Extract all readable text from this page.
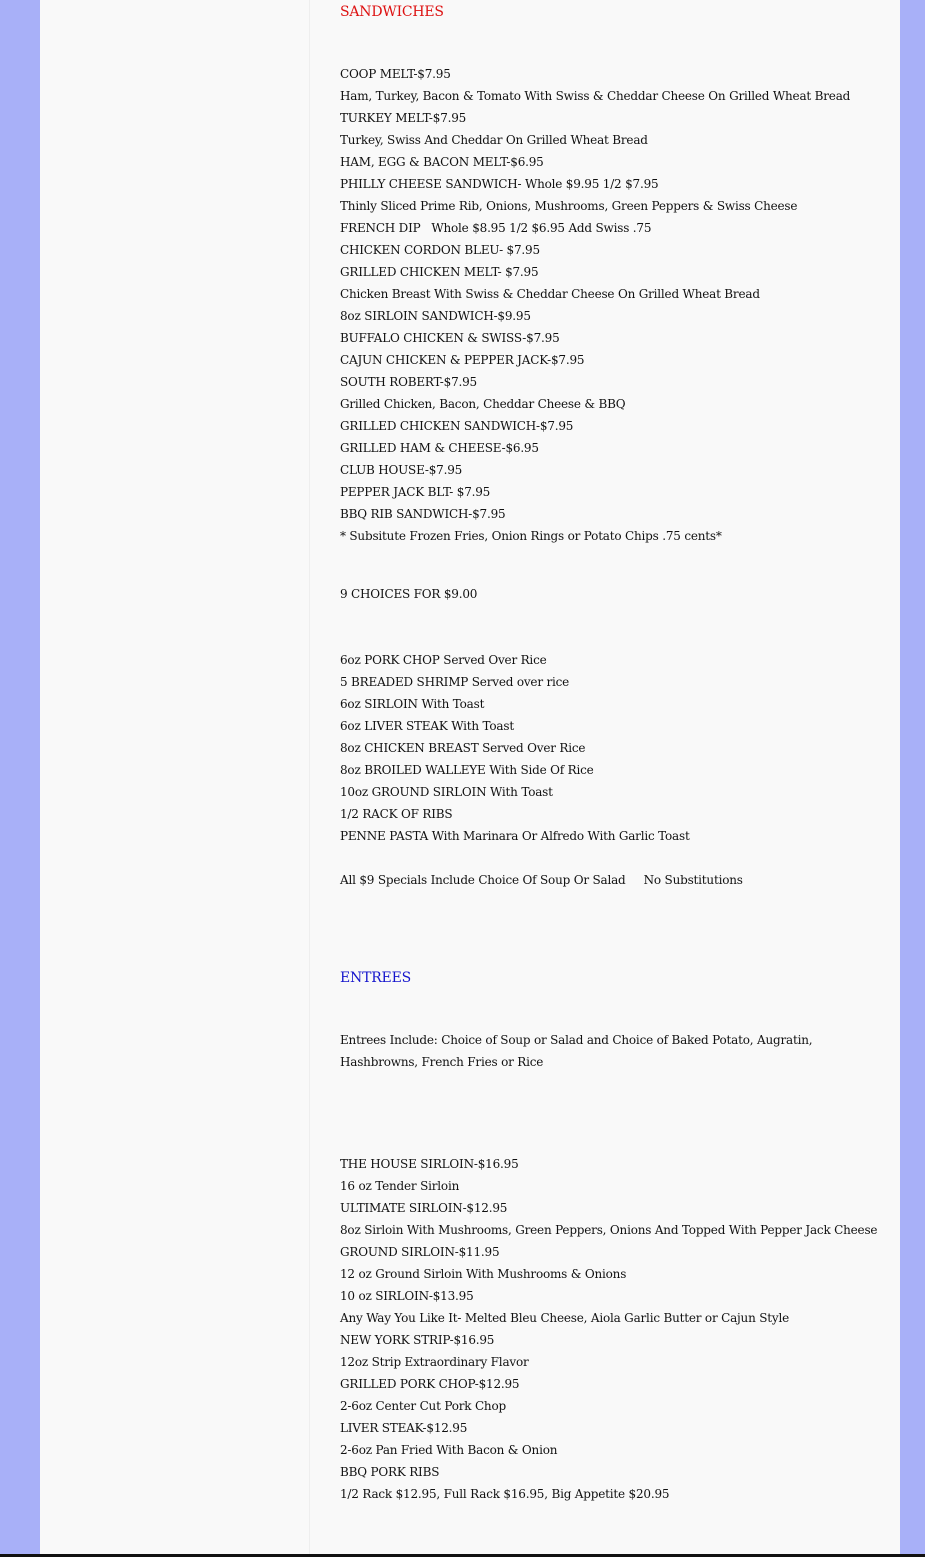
SANDWICHES
COOP MELT-$7.95
Ham, Turkey, Bacon & Tomato With Swiss & Cheddar Cheese On Grilled Wheat Bread
TURKEY MELT-$7.95
Turkey, Swiss And Cheddar On Grilled Wheat Bread
HAM, EGG & BACON MELT-$6.95
PHILLY CHEESE SANDWICH- Whole $9.95 1/2 $7.95
Thinly Sliced Prime Rib, Onions, Mushrooms, Green Peppers & Swiss Cheese
FRENCH DIP   Whole $8.95 1/2 $6.95 Add Swiss .75
CHICKEN CORDON BLEU- $7.95
GRILLED CHICKEN MELT- $7.95
Chicken Breast With Swiss & Cheddar Cheese On Grilled Wheat Bread
8oz SIRLOIN SANDWICH-$9.95
BUFFALO CHICKEN & SWISS-$7.95
CAJUN CHICKEN & PEPPER JACK-$7.95
SOUTH ROBERT-$7.95
Grilled Chicken, Bacon, Cheddar Cheese & BBQ
GRILLED CHICKEN SANDWICH-$7.95
GRILLED HAM & CHEESE-$6.95
CLUB HOUSE-$7.95
PEPPER JACK BLT- $7.95
BBQ RIB SANDWICH-$7.95
* Subsitute Frozen Fries, Onion Rings or Potato Chips .75 cents*
9 CHOICES FOR $9.00
6oz PORK CHOP Served Over Rice
5 BREADED SHRIMP Served over rice
6oz SIRLOIN With Toast
6oz LIVER STEAK With Toast
8oz CHICKEN BREAST Served Over Rice
8oz BROILED WALLEYE With Side Of Rice
10oz GROUND SIRLOIN With Toast
1/2 RACK OF RIBS
PENNE PASTA With Marinara Or Alfredo With Garlic Toast
All $9 Specials Include Choice Of Soup Or Salad     No Substitutions
ENTREES
Entrees Include: Choice of Soup or Salad and Choice of Baked Potato, Augratin, Hashbrowns, French Fries or Rice
THE HOUSE SIRLOIN-$16.95
16 oz Tender Sirloin
ULTIMATE SIRLOIN-$12.95
8oz Sirloin With Mushrooms, Green Peppers, Onions And Topped With Pepper Jack Cheese
GROUND SIRLOIN-$11.95
12 oz Ground Sirloin With Mushrooms & Onions
10 oz SIRLOIN-$13.95
Any Way You Like It- Melted Bleu Cheese, Aiola Garlic Butter or Cajun Style
NEW YORK STRIP-$16.95
12oz Strip Extraordinary Flavor
GRILLED PORK CHOP-$12.95
2-6oz Center Cut Pork Chop
LIVER STEAK-$12.95
2-6oz Pan Fried With Bacon & Onion
BBQ PORK RIBS
1/2 Rack $12.95, Full Rack $16.95, Big Appetite $20.95
